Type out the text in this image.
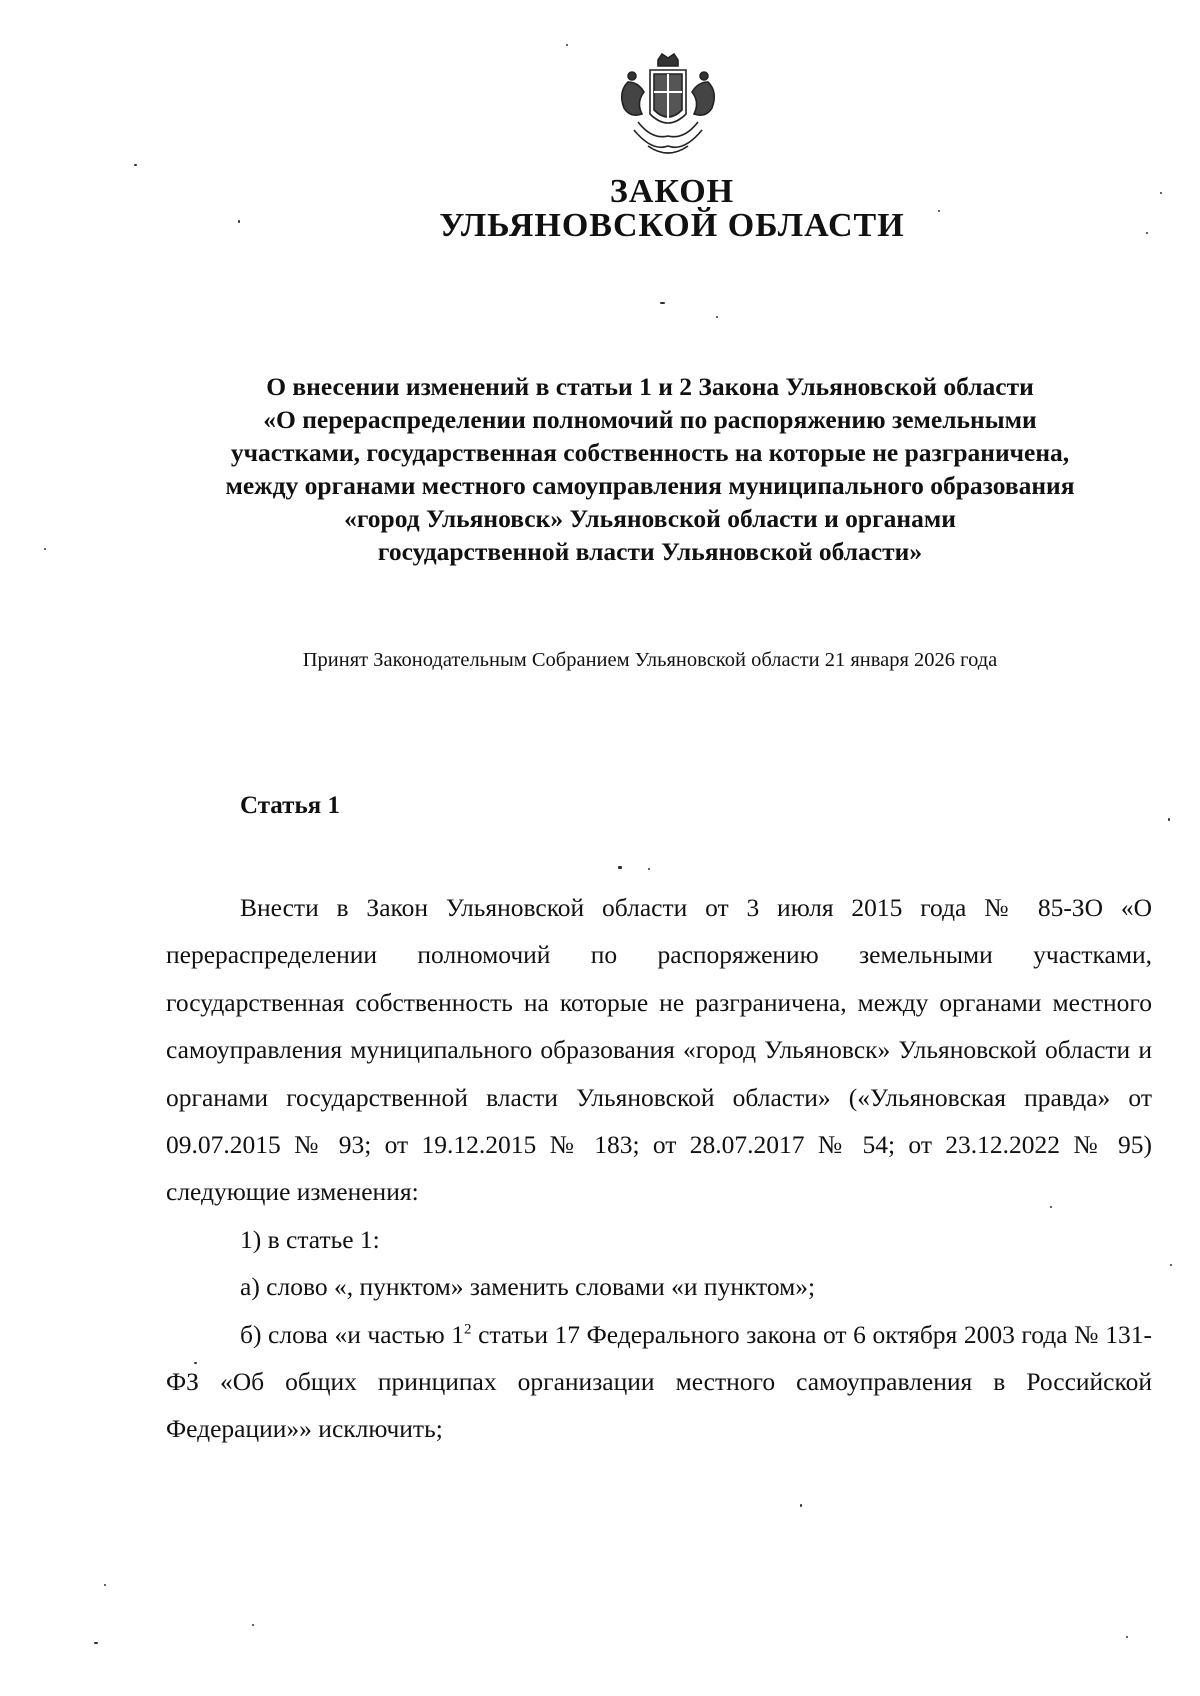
ЗАКОН
УЛЬЯНОВСКОЙ ОБЛАСТИ
О внесении изменений в статьи 1 и 2 Закона Ульяновской области
«О перераспределении полномочий по распоряжению земельными
участками, государственная собственность на которые не разграничена,
между органами местного самоуправления муниципального образования
«город Ульяновск» Ульяновской области и органами
государственной власти Ульяновской области»
Принят Законодательным Собранием Ульяновской области 21 января 2026 года
Статья 1

Внести в Закон Ульяновской области от 3 июля 2015 года № 85-ЗО «О перераспределении полномочий по распоряжению земельными участками, государственная собственность на которые не разграничена, между органами местного самоуправления муниципального образования «город Ульяновск» Ульяновской области и органами государственной власти Ульяновской области» («Ульяновская правда» от 09.07.2015 № 93; от 19.12.2015 № 183; от 28.07.2017 № 54; от 23.12.2022 № 95) следующие изменения:

1) в статье 1:

а) слово «, пунктом» заменить словами «и пунктом»;

б) слова «и частью $1^2$ статьи 17 Федерального закона от 6 октября 2003 года № 131-ФЗ «Об общих принципах организации местного самоуправления в Российской Федерации»» исключить;
